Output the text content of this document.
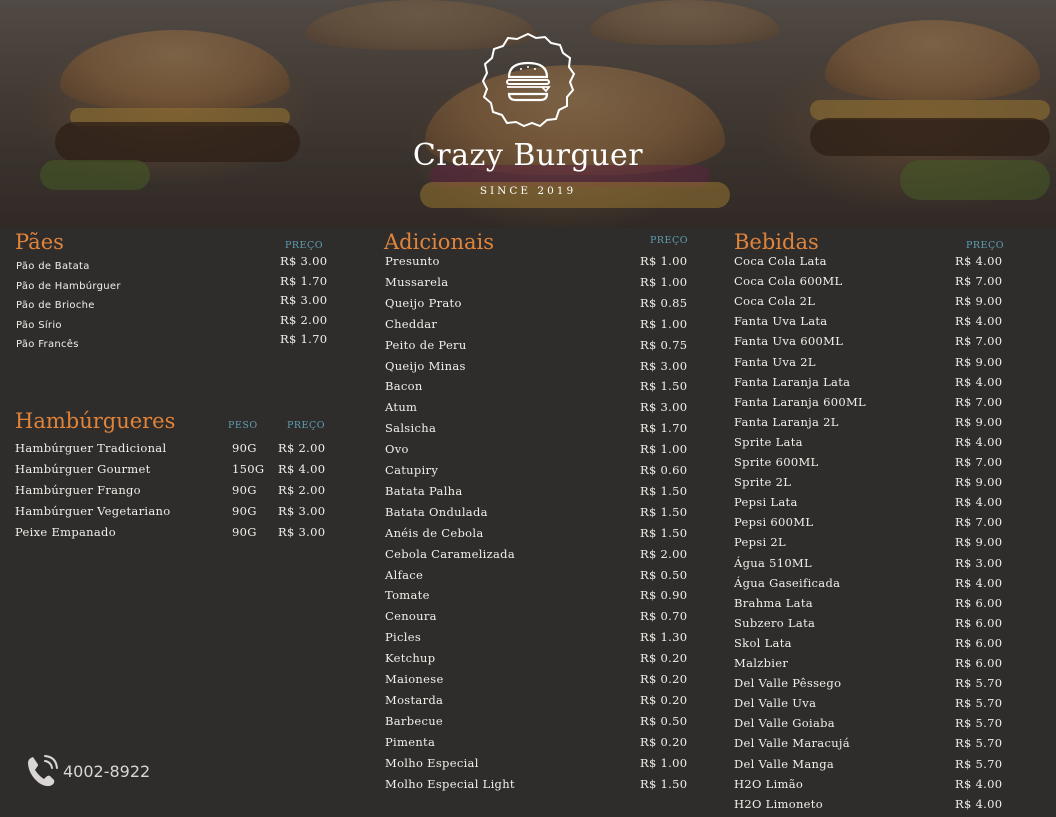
Crazy Burguer
SINCE 2019
Pães	PREÇO
Pão de Batata	R$ 3.00
Pão de Hambúrguer	R$ 1.70
Pão de Brioche	R$ 3.00
Pão Sírio	R$ 2.00
Pão Francês	R$ 1.70
Hambúrgueres	PESO	PREÇO
Hambúrguer Tradicional	90G R$ 2.00
Hambúrguer Gourmet	150G R$ 4.00
Hambúrguer Frango	90G R$ 2.00
Hambúrguer Vegetariano	90G R$ 3.00
Peixe Empanado	90G R$ 3.00
Adicionais	PREÇO
Presunto	R$ 1.00
Mussarela	R$ 1.00
Queijo Prato	R$ 0.85
Cheddar	R$ 1.00
Peito de Peru	R$ 0.75
Queijo Minas	R$ 3.00
Bacon	R$ 1.50
Atum	R$ 3.00
Salsicha	R$ 1.70
Ovo	R$ 1.00
Catupiry	R$ 0.60
Batata Palha	R$ 1.50
Batata Ondulada	R$ 1.50
Anéis de Cebola	R$ 1.50
Cebola Caramelizada	R$ 2.00
Alface	R$ 0.50
Tomate	R$ 0.90
Cenoura	R$ 0.70
Picles	R$ 1.30
Ketchup	R$ 0.20
Maionese	R$ 0.20
Mostarda	R$ 0.20
Barbecue	R$ 0.50
Pimenta	R$ 0.20
Molho Especial	R$ 1.00
Molho Especial Light	R$ 1.50
Bebidas	PREÇO
Coca Cola Lata	R$ 4.00
Coca Cola 600ML	R$ 7.00
Coca Cola 2L	R$ 9.00
Fanta Uva Lata	R$ 4.00
Fanta Uva 600ML	R$ 7.00
Fanta Uva 2L	R$ 9.00
Fanta Laranja Lata	R$ 4.00
Fanta Laranja 600ML	R$ 7.00
Fanta Laranja 2L	R$ 9.00
Sprite Lata	R$ 4.00
Sprite 600ML	R$ 7.00
Sprite 2L	R$ 9.00
Pepsi Lata	R$ 4.00
Pepsi 600ML	R$ 7.00
Pepsi 2L	R$ 9.00
Água 510ML	R$ 3.00
Água Gaseificada	R$ 4.00
Brahma Lata	R$ 6.00
Subzero Lata	R$ 6.00
Skol Lata	R$ 6.00
Malzbier	R$ 6.00
Del Valle Pêssego	R$ 5.70
Del Valle Uva	R$ 5.70
Del Valle Goiaba	R$ 5.70
Del Valle Maracujá	R$ 5.70
Del Valle Manga	R$ 5.70
H2O Limão	R$ 4.00
H2O Limoneto	R$ 4.00
4002-8922
